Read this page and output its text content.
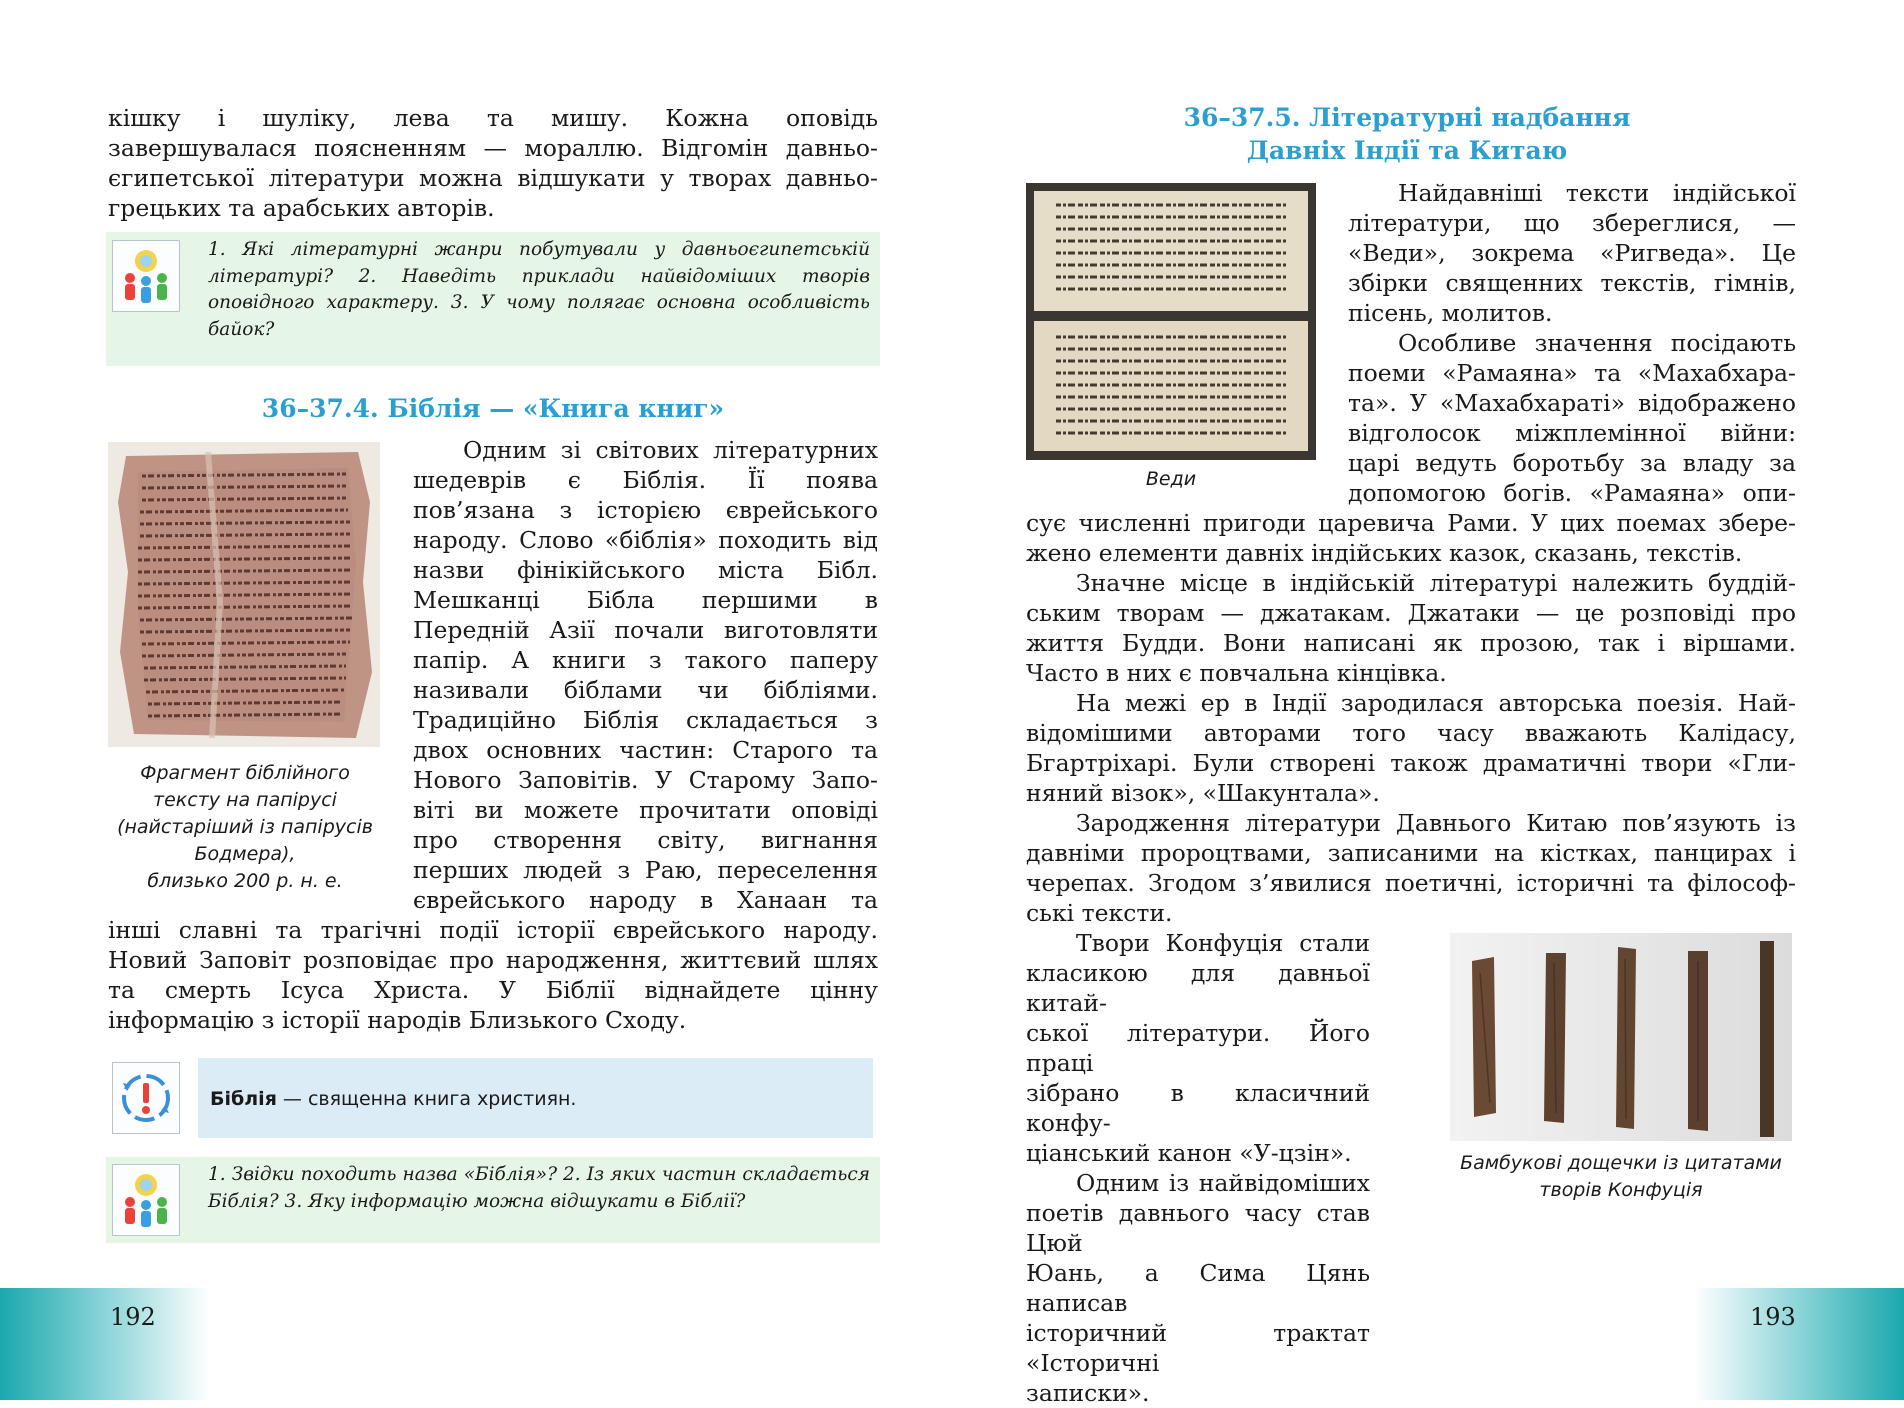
кішку і шуліку, лева та мишу. Кожна оповідь

завершувалася поясненням — мораллю. Відгомін давньо-

єгипетської літератури можна відшукати у творах давньо-

грецьких та арабських авторів.

1. Які літературні жанри побутували у давньоєгипетській літературі? 2. Наведіть приклади найвідоміших творів оповідного характеру. 3. У чому полягає основна особливість байок?
36–37.4. Біблія — «Книга книг»
Фрагмент біблійного
тексту на папірусі
(найстаріший із папірусів
Бодмера),
близько 200 р. н. е.

Одним зі світових літературних

шедеврів є Біблія. Її поява

пов’язана з історією єврейського

народу. Слово «біблія» походить від

назви фінікійського міста Бібл.

Мешканці Бібла першими в

Передній Азії почали виготовляти

папір. А книги з такого паперу

називали біблами чи бібліями.

Традиційно Біблія складається з

двох основних частин: Старого та

Нового Заповітів. У Старому Запо-

віті ви можете прочитати оповіді

про створення світу, вигнання

перших людей з Раю, переселення

єврейського народу в Ханаан та

інші славні та трагічні події історії єврейського народу.

Новий Заповіт розповідає про народження, життєвий шлях

та смерть Ісуса Христа. У Біблії віднайдете цінну

інформацію з історії народів Близького Сходу.

Біблія — священна книга християн.
1. Звідки походить назва «Біблія»? 2. Із яких частин складається Біблія? 3. Яку інформацію можна відшукати в Біблії?
192
36–37.5. Літературні надбання
Давніх Індії та Китаю
Веди

Найдавніші тексти індійської

літератури, що збереглися, —

«Веди», зокрема «Ригведа». Це

збірки священних текстів, гімнів,

пісень, молитов.

Особливе значення посідають

поеми «Рамаяна» та «Махабхара-

та». У «Махабхараті» відображено

відголосок міжплемінної війни:

царі ведуть боротьбу за владу за

допомогою богів. «Рамаяна» опи-

сує численні пригоди царевича Рами. У цих поемах збере-

жено елементи давніх індійських казок, сказань, текстів.

Значне місце в індійській літературі належить буддій-

ським творам — джатакам. Джатаки — це розповіді про

життя Будди. Вони написані як прозою, так і віршами.

Часто в них є повчальна кінцівка.

На межі ер в Індії зародилася авторська поезія. Най-

відомішими авторами того часу вважають Калідасу,

Бгартріхарі. Були створені також драматичні твори «Гли-

няний візок», «Шакунтала».

Зародження літератури Давнього Китаю пов’язують із

давніми пророцтвами, записаними на кістках, панцирах і

черепах. Згодом з’явилися поетичні, історичні та філософ-

ські тексти.

Твори Конфуція стали

класикою для давньої китай-

ської літератури. Його праці

зібрано в класичний конфу-

ціанський канон «У-цзін».

Одним із найвідоміших

поетів давнього часу став Цюй

Юань, а Сима Цянь написав

історичний трактат «Історичні

записки».

Бамбукові дощечки із цитатами
творів Конфуція
193
